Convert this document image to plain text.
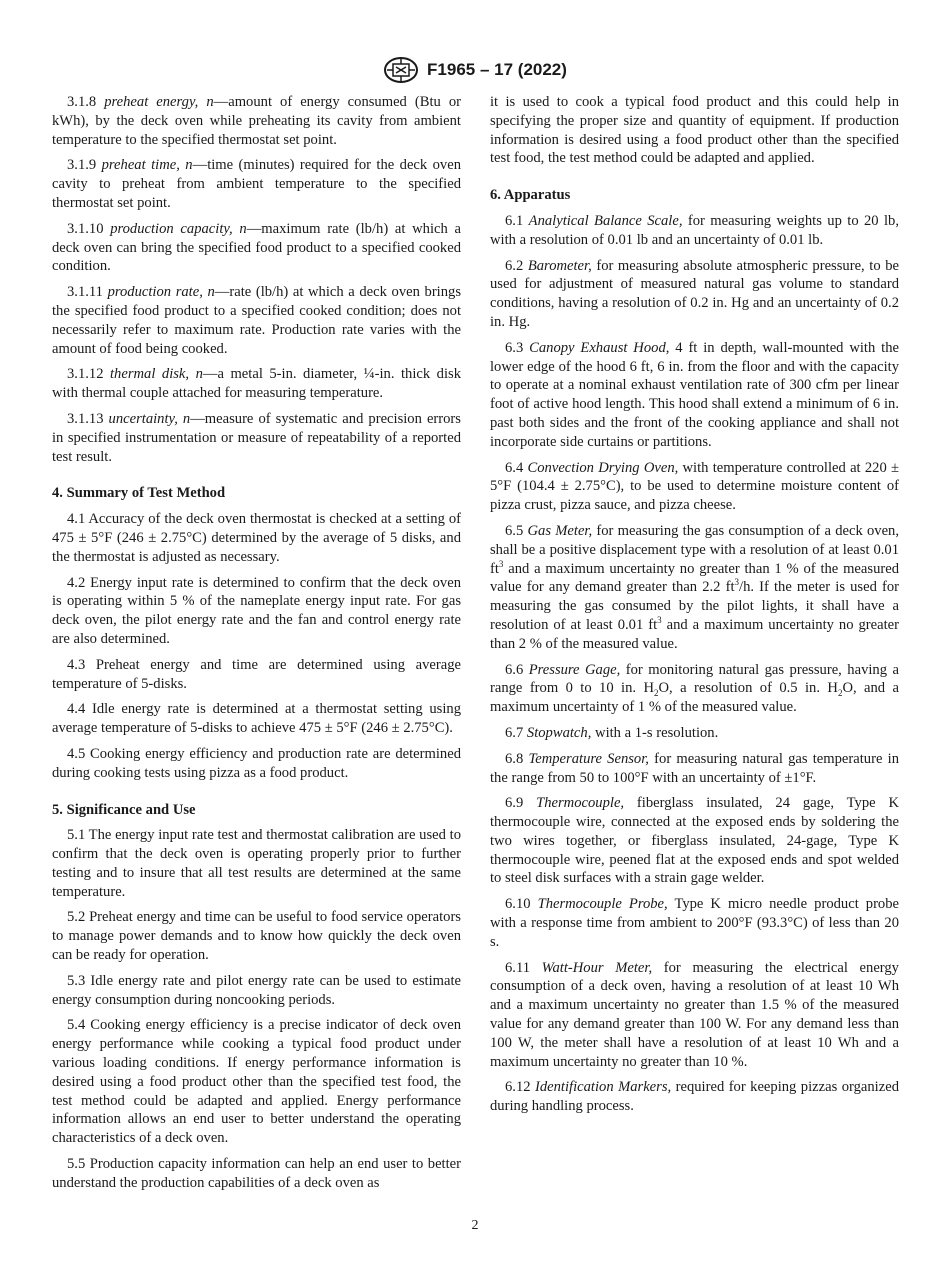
F1965 – 17 (2022)

3.1.8 preheat energy, n—amount of energy consumed (Btu or kWh), by the deck oven while preheating its cavity from ambient temperature to the specified thermostat set point.

3.1.9 preheat time, n—time (minutes) required for the deck oven cavity to preheat from ambient temperature to the specified thermostat set point.

3.1.10 production capacity, n—maximum rate (lb/h) at which a deck oven can bring the specified food product to a specified cooked condition.

3.1.11 production rate, n—rate (lb/h) at which a deck oven brings the specified food product to a specified cooked condition; does not necessarily refer to maximum rate. Production rate varies with the amount of food being cooked.

3.1.12 thermal disk, n—a metal 5-in. diameter, ¼-in. thick disk with thermal couple attached for measuring temperature.

3.1.13 uncertainty, n—measure of systematic and precision errors in specified instrumentation or measure of repeatability of a reported test result.

4. Summary of Test Method

4.1 Accuracy of the deck oven thermostat is checked at a setting of 475 ± 5°F (246 ± 2.75°C) determined by the average of 5 disks, and the thermostat is adjusted as necessary.

4.2 Energy input rate is determined to confirm that the deck oven is operating within 5 % of the nameplate energy input rate. For gas deck oven, the pilot energy rate and the fan and control energy rate are also determined.

4.3 Preheat energy and time are determined using average temperature of 5-disks.

4.4 Idle energy rate is determined at a thermostat setting using average temperature of 5-disks to achieve 475 ± 5°F (246 ± 2.75°C).

4.5 Cooking energy efficiency and production rate are determined during cooking tests using pizza as a food product.

5. Significance and Use

5.1 The energy input rate test and thermostat calibration are used to confirm that the deck oven is operating properly prior to further testing and to insure that all test results are determined at the same temperature.

5.2 Preheat energy and time can be useful to food service operators to manage power demands and to know how quickly the deck oven can be ready for operation.

5.3 Idle energy rate and pilot energy rate can be used to estimate energy consumption during noncooking periods.

5.4 Cooking energy efficiency is a precise indicator of deck oven energy performance while cooking a typical food product under various loading conditions. If energy performance information is desired using a food product other than the specified test food, the test method could be adapted and applied. Energy performance information allows an end user to better understand the operating characteristics of a deck oven.

5.5 Production capacity information can help an end user to better understand the production capabilities of a deck oven as

it is used to cook a typical food product and this could help in specifying the proper size and quantity of equipment. If production information is desired using a food product other than the specified test food, the test method could be adapted and applied.

6. Apparatus

6.1 Analytical Balance Scale, for measuring weights up to 20 lb, with a resolution of 0.01 lb and an uncertainty of 0.01 lb.

6.2 Barometer, for measuring absolute atmospheric pressure, to be used for adjustment of measured natural gas volume to standard conditions, having a resolution of 0.2 in. Hg and an uncertainty of 0.2 in. Hg.

6.3 Canopy Exhaust Hood, 4 ft in depth, wall-mounted with the lower edge of the hood 6 ft, 6 in. from the floor and with the capacity to operate at a nominal exhaust ventilation rate of 300 cfm per linear foot of active hood length. This hood shall extend a minimum of 6 in. past both sides and the front of the cooking appliance and shall not incorporate side curtains or partitions.

6.4 Convection Drying Oven, with temperature controlled at 220 ± 5°F (104.4 ± 2.75°C), to be used to determine moisture content of pizza crust, pizza sauce, and pizza cheese.

6.5 Gas Meter, for measuring the gas consumption of a deck oven, shall be a positive displacement type with a resolution of at least 0.01 $ft^3$ and a maximum uncertainty no greater than 1 % of the measured value for any demand greater than 2.2 $ft^3/h$. If the meter is used for measuring the gas consumed by the pilot lights, it shall have a resolution of at least 0.01 $ft^3$ and a maximum uncertainty no greater than 2 % of the measured value.

6.6 Pressure Gage, for monitoring natural gas pressure, having a range from 0 to 10 in. $H_2O$, a resolution of 0.5 in. $H_2O$, and a maximum uncertainty of 1 % of the measured value.

6.7 Stopwatch, with a 1-s resolution.

6.8 Temperature Sensor, for measuring natural gas temperature in the range from 50 to 100°F with an uncertainty of ±1°F.

6.9 Thermocouple, fiberglass insulated, 24 gage, Type K thermocouple wire, connected at the exposed ends by soldering the two wires together, or fiberglass insulated, 24-gage, Type K thermocouple wire, peened flat at the exposed ends and spot welded to steel disk surfaces with a strain gage welder.

6.10 Thermocouple Probe, Type K micro needle product probe with a response time from ambient to 200°F (93.3°C) of less than 20 s.

6.11 Watt-Hour Meter, for measuring the electrical energy consumption of a deck oven, having a resolution of at least 10 Wh and a maximum uncertainty no greater than 1.5 % of the measured value for any demand greater than 100 W. For any demand less than 100 W, the meter shall have a resolution of at least 10 Wh and a maximum uncertainty no greater than 10 %.

6.12 Identification Markers, required for keeping pizzas organized during handling process.

2
